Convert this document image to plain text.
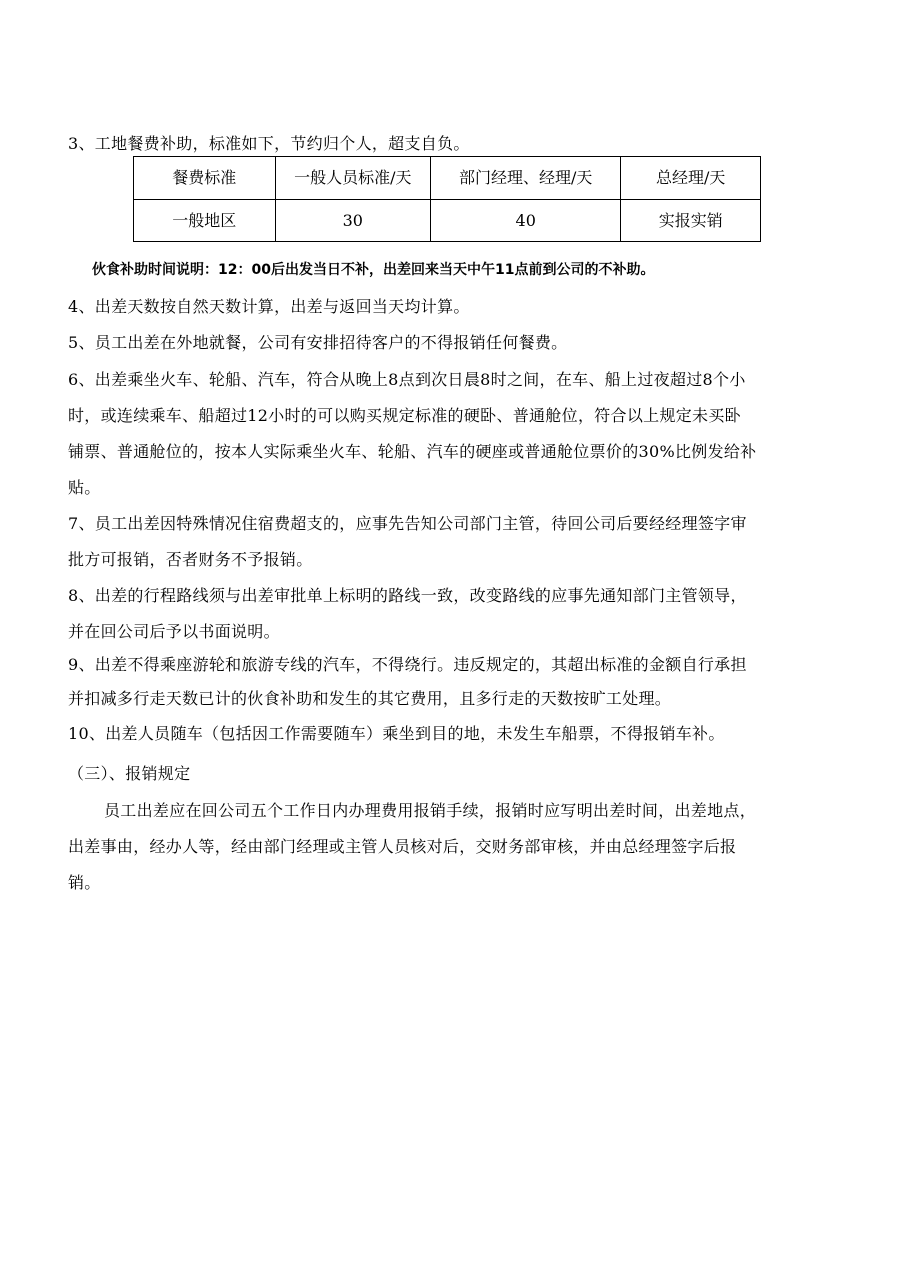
3、工地餐费补助，标准如下，节约归个人，超支自负。
餐费标准	一般人员标准/天	部门经理、经理/天	总经理/天
一般地区	30	40	实报实销
伙食补助时间说明：12：00后出发当日不补，出差回来当天中午11点前到公司的不补助。
4、出差天数按自然天数计算，出差与返回当天均计算。
5、员工出差在外地就餐，公司有安排招待客户的不得报销任何餐费。
6、出差乘坐火车、轮船、汽车，符合从晚上8点到次日晨8时之间，在车、船上过夜超过8个小
时，或连续乘车、船超过12小时的可以购买规定标准的硬卧、普通舱位，符合以上规定未买卧
铺票、普通舱位的，按本人实际乘坐火车、轮船、汽车的硬座或普通舱位票价的30%比例发给补
贴。
7、员工出差因特殊情况住宿费超支的，应事先告知公司部门主管，待回公司后要经经理签字审
批方可报销，否者财务不予报销。
8、出差的行程路线须与出差审批单上标明的路线一致，改变路线的应事先通知部门主管领导，
并在回公司后予以书面说明。
9、出差不得乘座游轮和旅游专线的汽车，不得绕行。违反规定的，其超出标准的金额自行承担
并扣减多行走天数已计的伙食补助和发生的其它费用，且多行走的天数按旷工处理。
10、出差人员随车（包括因工作需要随车）乘坐到目的地，未发生车船票，不得报销车补。
（三）、报销规定
员工出差应在回公司五个工作日内办理费用报销手续，报销时应写明出差时间，出差地点，
出差事由，经办人等，经由部门经理或主管人员核对后，交财务部审核，并由总经理签字后报
销。
